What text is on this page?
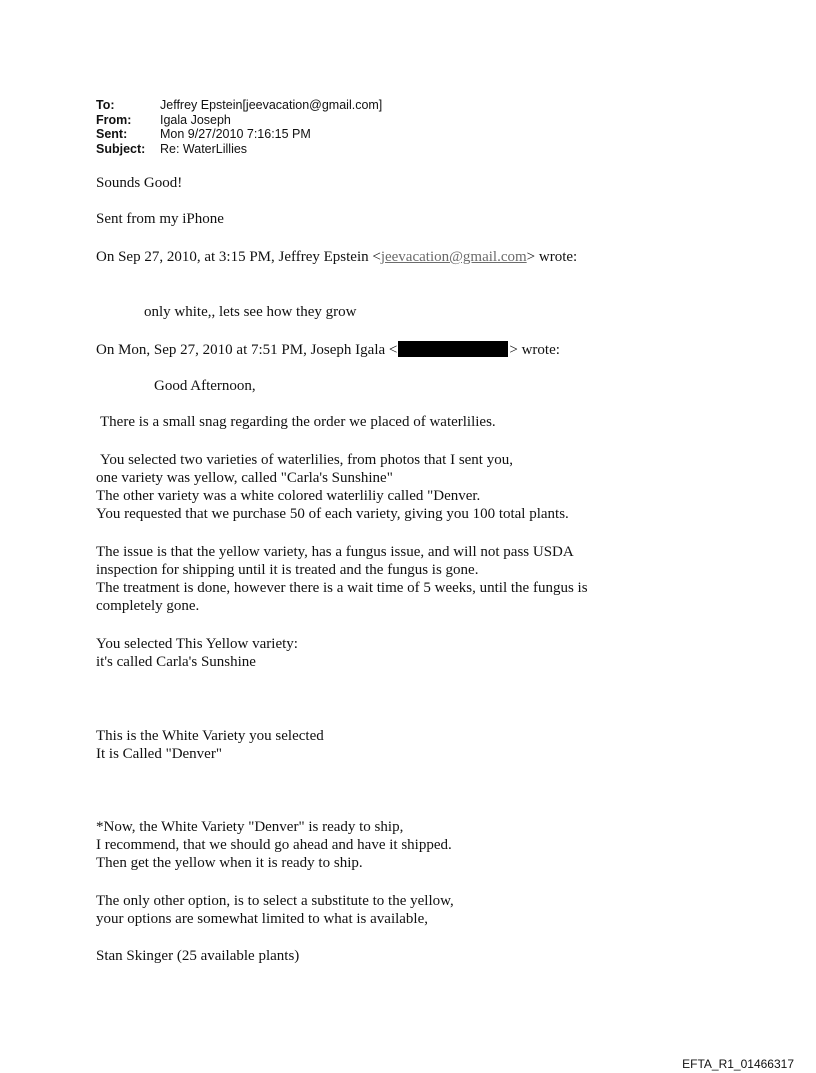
To:	Jeffrey Epstein[jeevacation@gmail.com]
From:	Igala Joseph
Sent:	Mon 9/27/2010 7:16:15 PM
Subject:	Re: WaterLillies

Sounds Good!

Sent from my iPhone

On Sep 27, 2010, at 3:15 PM, Jeffrey Epstein <jeevacation@gmail.com> wrote:

only white,, lets see how they grow

On Mon, Sep 27, 2010 at 7:51 PM, Joseph Igala <	> wrote:

Good Afternoon,

There is a small snag regarding the order we placed of waterlilies.

You selected two varieties of waterlilies, from photos that I sent you,

one variety was yellow, called "Carla's Sunshine"

The other variety was a white colored waterliliy called "Denver.

You requested that we purchase 50 of each variety, giving you 100 total plants.

The issue is that the yellow variety, has a fungus issue, and will not pass USDA

inspection for shipping until it is treated and the fungus is gone.

The treatment is done, however there is a wait time of 5 weeks, until the fungus is

completely gone.

You selected This Yellow variety:

it's called Carla's Sunshine

This is the White Variety you selected

It is Called "Denver"

*Now, the White Variety "Denver" is ready to ship,

I recommend, that we should go ahead and have it shipped.

Then get the yellow when it is ready to ship.

The only other option, is to select a substitute to the yellow,

your options are somewhat limited to what is available,

Stan Skinger (25 available plants)

EFTA_R1_01466317
